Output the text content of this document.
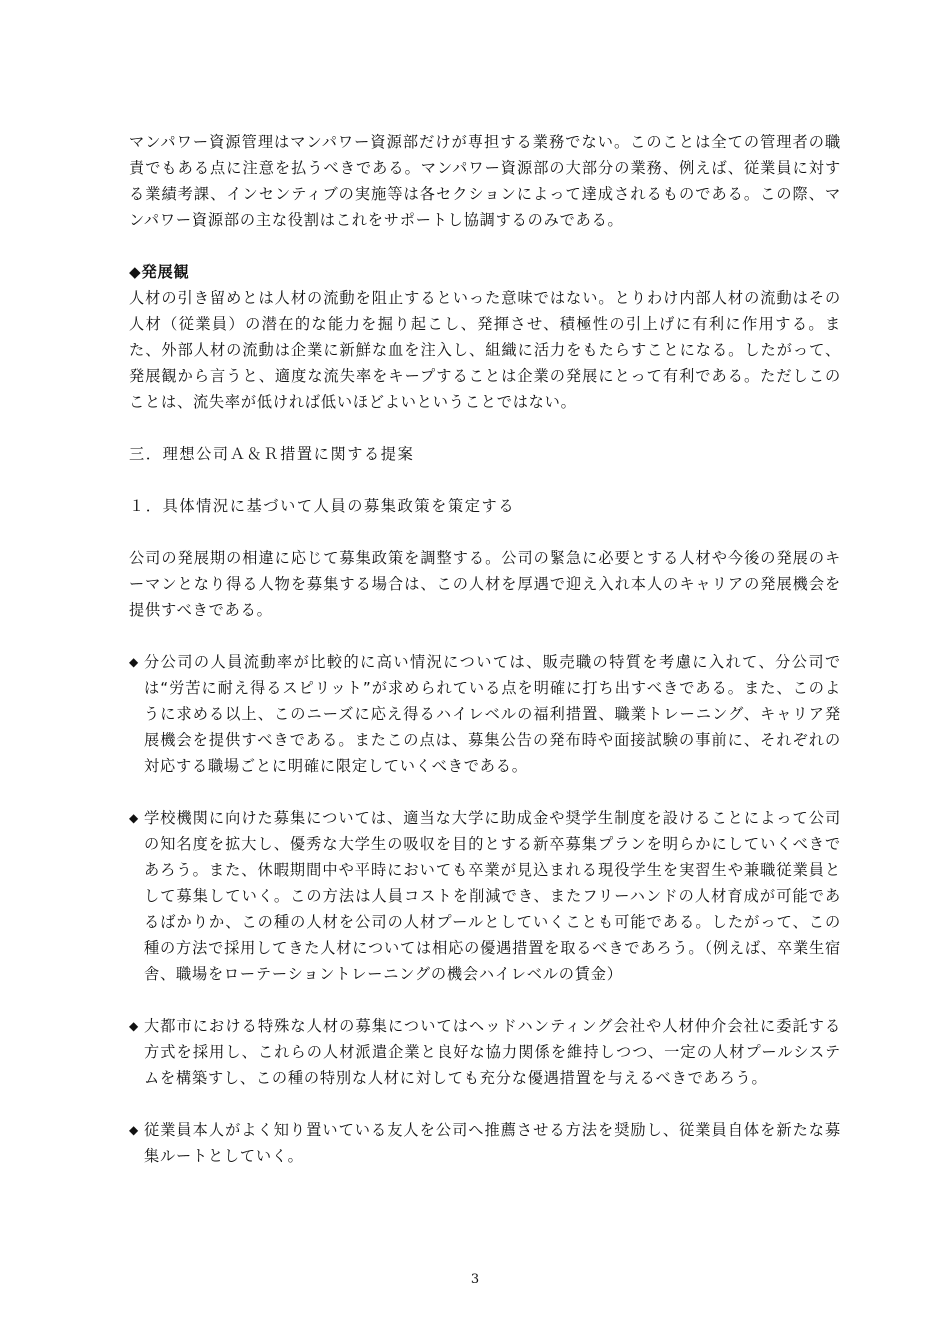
マンパワー資源管理はマンパワー資源部だけが専担する業務でない。このことは全ての管理者の職責でもある点に注意を払うべきである。マンパワー資源部の大部分の業務、例えば、従業員に対する業績考課、インセンティブの実施等は各セクションによって達成されるものである。この際、マンパワー資源部の主な役割はこれをサポートし協調するのみである。

◆発展観

人材の引き留めとは人材の流動を阻止するといった意味ではない。とりわけ内部人材の流動はその人材（従業員）の潜在的な能力を掘り起こし、発揮させ、積極性の引上げに有利に作用する。また、外部人材の流動は企業に新鮮な血を注入し、組織に活力をもたらすことになる。したがって、発展観から言うと、適度な流失率をキープすることは企業の発展にとって有利である。ただしこのことは、流失率が低ければ低いほどよいということではない。

三．理想公司Ａ＆Ｒ措置に関する提案

１．具体情況に基づいて人員の募集政策を策定する

公司の発展期の相違に応じて募集政策を調整する。公司の緊急に必要とする人材や今後の発展のキーマンとなり得る人物を募集する場合は、この人材を厚遇で迎え入れ本人のキャリアの発展機会を提供すべきである。

◆ 分公司の人員流動率が比較的に高い情況については、販売職の特質を考慮に入れて、分公司では“労苦に耐え得るスピリット”が求められている点を明確に打ち出すべきである。また、このように求める以上、このニーズに応え得るハイレベルの福利措置、職業トレーニング、キャリア発展機会を提供すべきである。またこの点は、募集公告の発布時や面接試験の事前に、それぞれの対応する職場ごとに明確に限定していくべきである。
◆ 学校機関に向けた募集については、適当な大学に助成金や奨学生制度を設けることによって公司の知名度を拡大し、優秀な大学生の吸収を目的とする新卒募集プランを明らかにしていくべきであろう。また、休暇期間中や平時においても卒業が見込まれる現役学生を実習生や兼職従業員として募集していく。この方法は人員コストを削減でき、またフリーハンドの人材育成が可能であるばかりか、この種の人材を公司の人材プールとしていくことも可能である。したがって、この種の方法で採用してきた人材については相応の優遇措置を取るべきであろう。（例えば、卒業生宿舎、職場をローテーショントレーニングの機会ハイレベルの賃金）
◆ 大都市における特殊な人材の募集についてはヘッドハンティング会社や人材仲介会社に委託する方式を採用し、これらの人材派遣企業と良好な協力関係を維持しつつ、一定の人材プールシステムを構築すし、この種の特別な人材に対しても充分な優遇措置を与えるべきであろう。
◆ 従業員本人がよく知り置いている友人を公司へ推薦させる方法を奨励し、従業員自体を新たな募集ルートとしていく。
3
